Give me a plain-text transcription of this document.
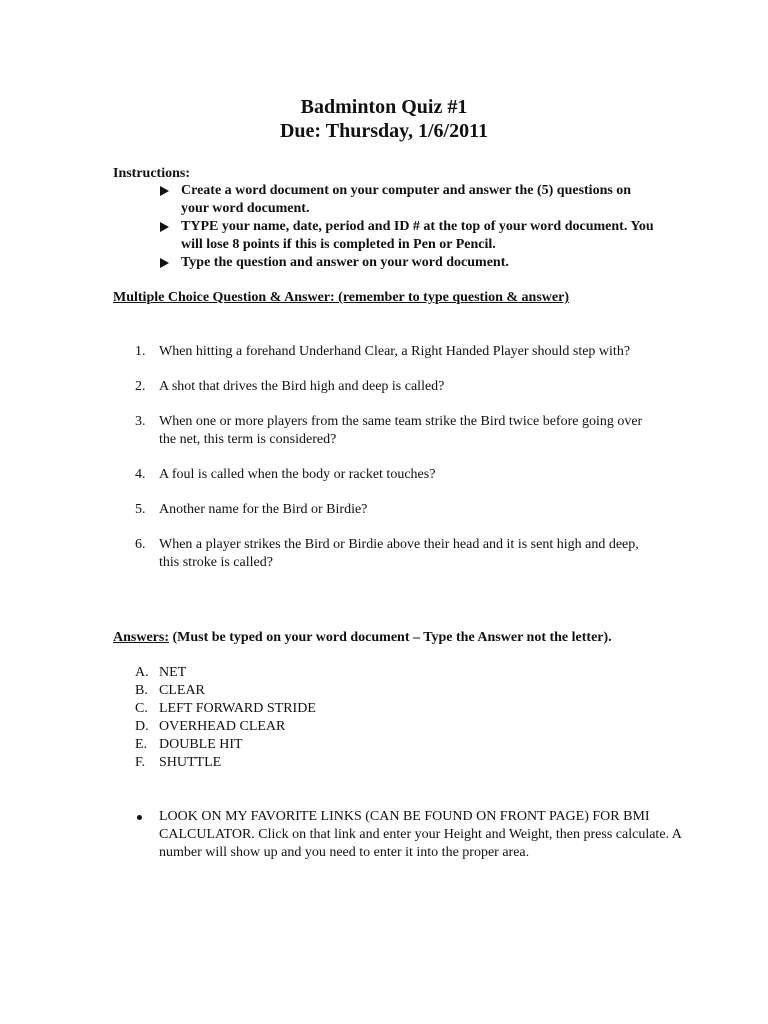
Badminton Quiz #1
Due: Thursday, 1/6/2011
Instructions:
Create a word document on your computer and answer the (5) questions on your word document.
TYPE your name, date, period and ID # at the top of your word document. You will lose 8 points if this is completed in Pen or Pencil.
Type the question and answer on your word document.
Multiple Choice Question & Answer: (remember to type question & answer)
1. When hitting a forehand Underhand Clear, a Right Handed Player should step with?
2. A shot that drives the Bird high and deep is called?
3. When one or more players from the same team strike the Bird twice before going over the net, this term is considered?
4. A foul is called when the body or racket touches?
5. Another name for the Bird or Birdie?
6. When a player strikes the Bird or Birdie above their head and it is sent high and deep, this stroke is called?
Answers: (Must be typed on your word document – Type the Answer not the letter).
A. NET
B. CLEAR
C. LEFT FORWARD STRIDE
D. OVERHEAD CLEAR
E. DOUBLE HIT
F. SHUTTLE
LOOK ON MY FAVORITE LINKS (CAN BE FOUND ON FRONT PAGE) FOR BMI CALCULATOR. Click on that link and enter your Height and Weight, then press calculate. A number will show up and you need to enter it into the proper area.
